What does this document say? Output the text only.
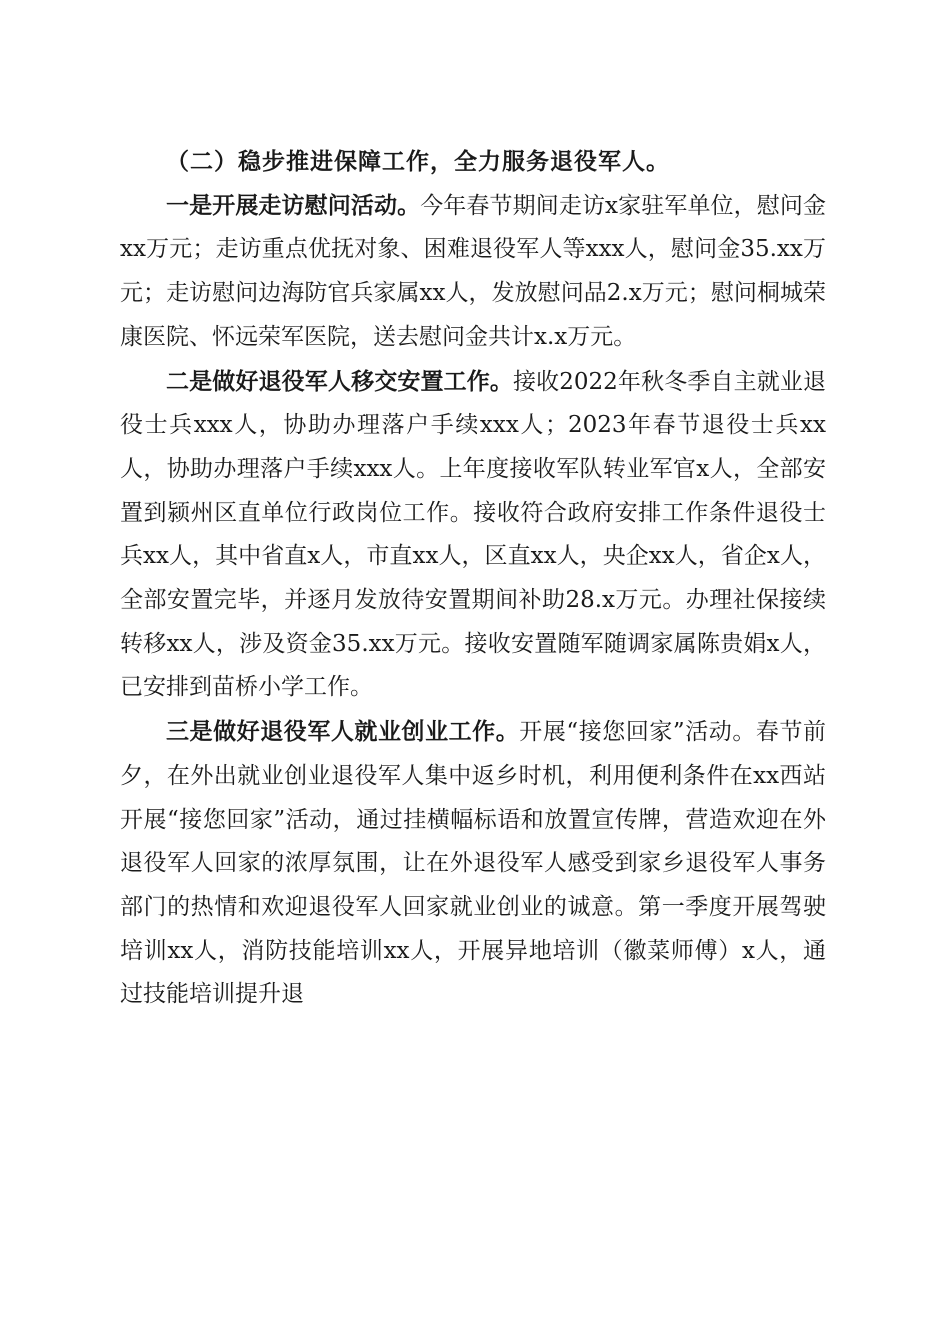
（二）稳步推进保障工作，全力服务退役军人。

一是开展走访慰问活动。今年春节期间走访x家驻军单位，慰问金xx万元；走访重点优抚对象、困难退役军人等xxx人，慰问金35.xx万元；走访慰问边海防官兵家属xx人，发放慰问品2.x万元；慰问桐城荣康医院、怀远荣军医院，送去慰问金共计x.x万元。

二是做好退役军人移交安置工作。接收2022年秋冬季自主就业退役士兵xxx人，协助办理落户手续xxx人；2023年春节退役士兵xx人，协助办理落户手续xxx人。上年度接收军队转业军官x人，全部安置到颍州区直单位行政岗位工作。接收符合政府安排工作条件退役士兵xx人，其中省直x人，市直xx人，区直xx人，央企xx人，省企x人，全部安置完毕，并逐月发放待安置期间补助28.x万元。办理社保接续转移xx人，涉及资金35.xx万元。接收安置随军随调家属陈贵娟x人，已安排到苗桥小学工作。

三是做好退役军人就业创业工作。开展“接您回家”活动。春节前夕，在外出就业创业退役军人集中返乡时机，利用便利条件在xx西站开展“接您回家”活动，通过挂横幅标语和放置宣传牌，营造欢迎在外退役军人回家的浓厚氛围，让在外退役军人感受到家乡退役军人事务部门的热情和欢迎退役军人回家就业创业的诚意。第一季度开展驾驶培训xx人，消防技能培训xx人，开展异地培训（徽菜师傅）x人，通过技能培训提升退
